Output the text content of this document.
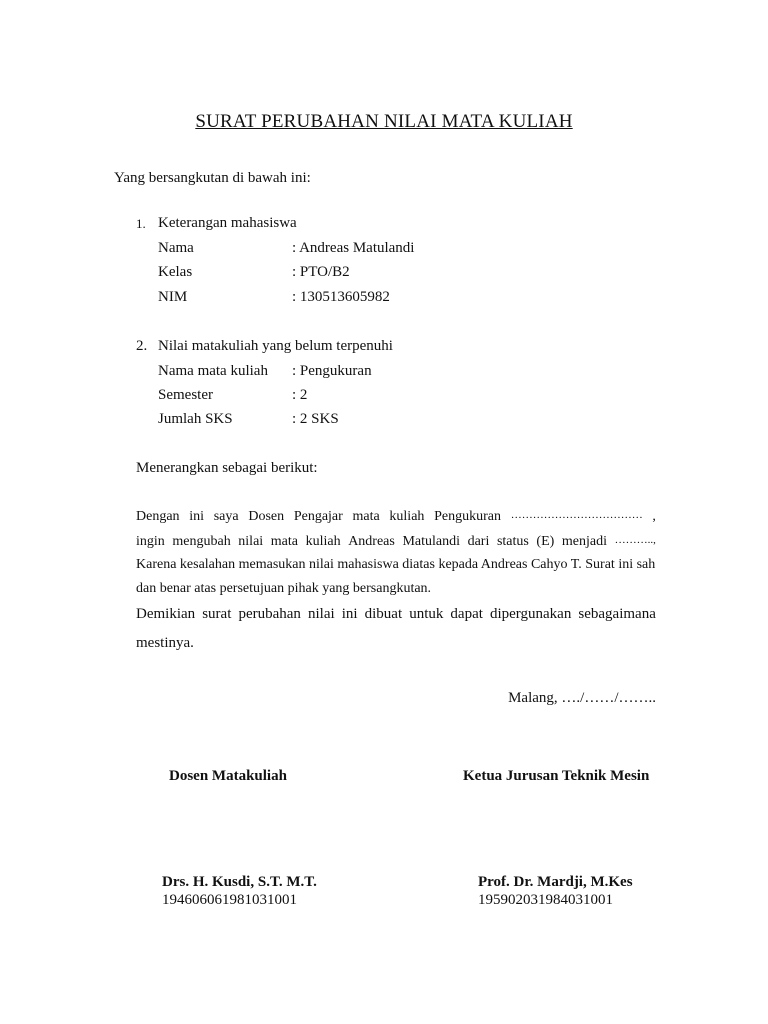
SURAT PERUBAHAN NILAI MATA KULIAH
Yang bersangkutan di bawah ini:
1. Keterangan mahasiswa
Nama	: Andreas Matulandi
Kelas	: PTO/B2
NIM	: 130513605982
2. Nilai matakuliah yang belum terpenuhi
Nama mata kuliah : Pengukuran
Semester	: 2
Jumlah SKS	: 2 SKS
Menerangkan sebagai berikut:
Dengan ini saya Dosen Pengajar mata kuliah Pengukuran ……………………………… ,
ingin mengubah nilai mata kuliah Andreas Matulandi dari status (E) menjadi ………..,
Karena kesalahan memasukan nilai mahasiswa diatas kepada Andreas Cahyo T. Surat ini sah
dan benar atas persetujuan pihak yang bersangkutan.
Demikian surat perubahan nilai ini dibuat untuk dapat dipergunakan sebagaimana
mestinya.
Malang, …./……/……..
Dosen Matakuliah	Ketua Jurusan Teknik Mesin
Drs. H. Kusdi, S.T. M.T.
194606061981031001
Prof. Dr. Mardji, M.Kes
195902031984031001
